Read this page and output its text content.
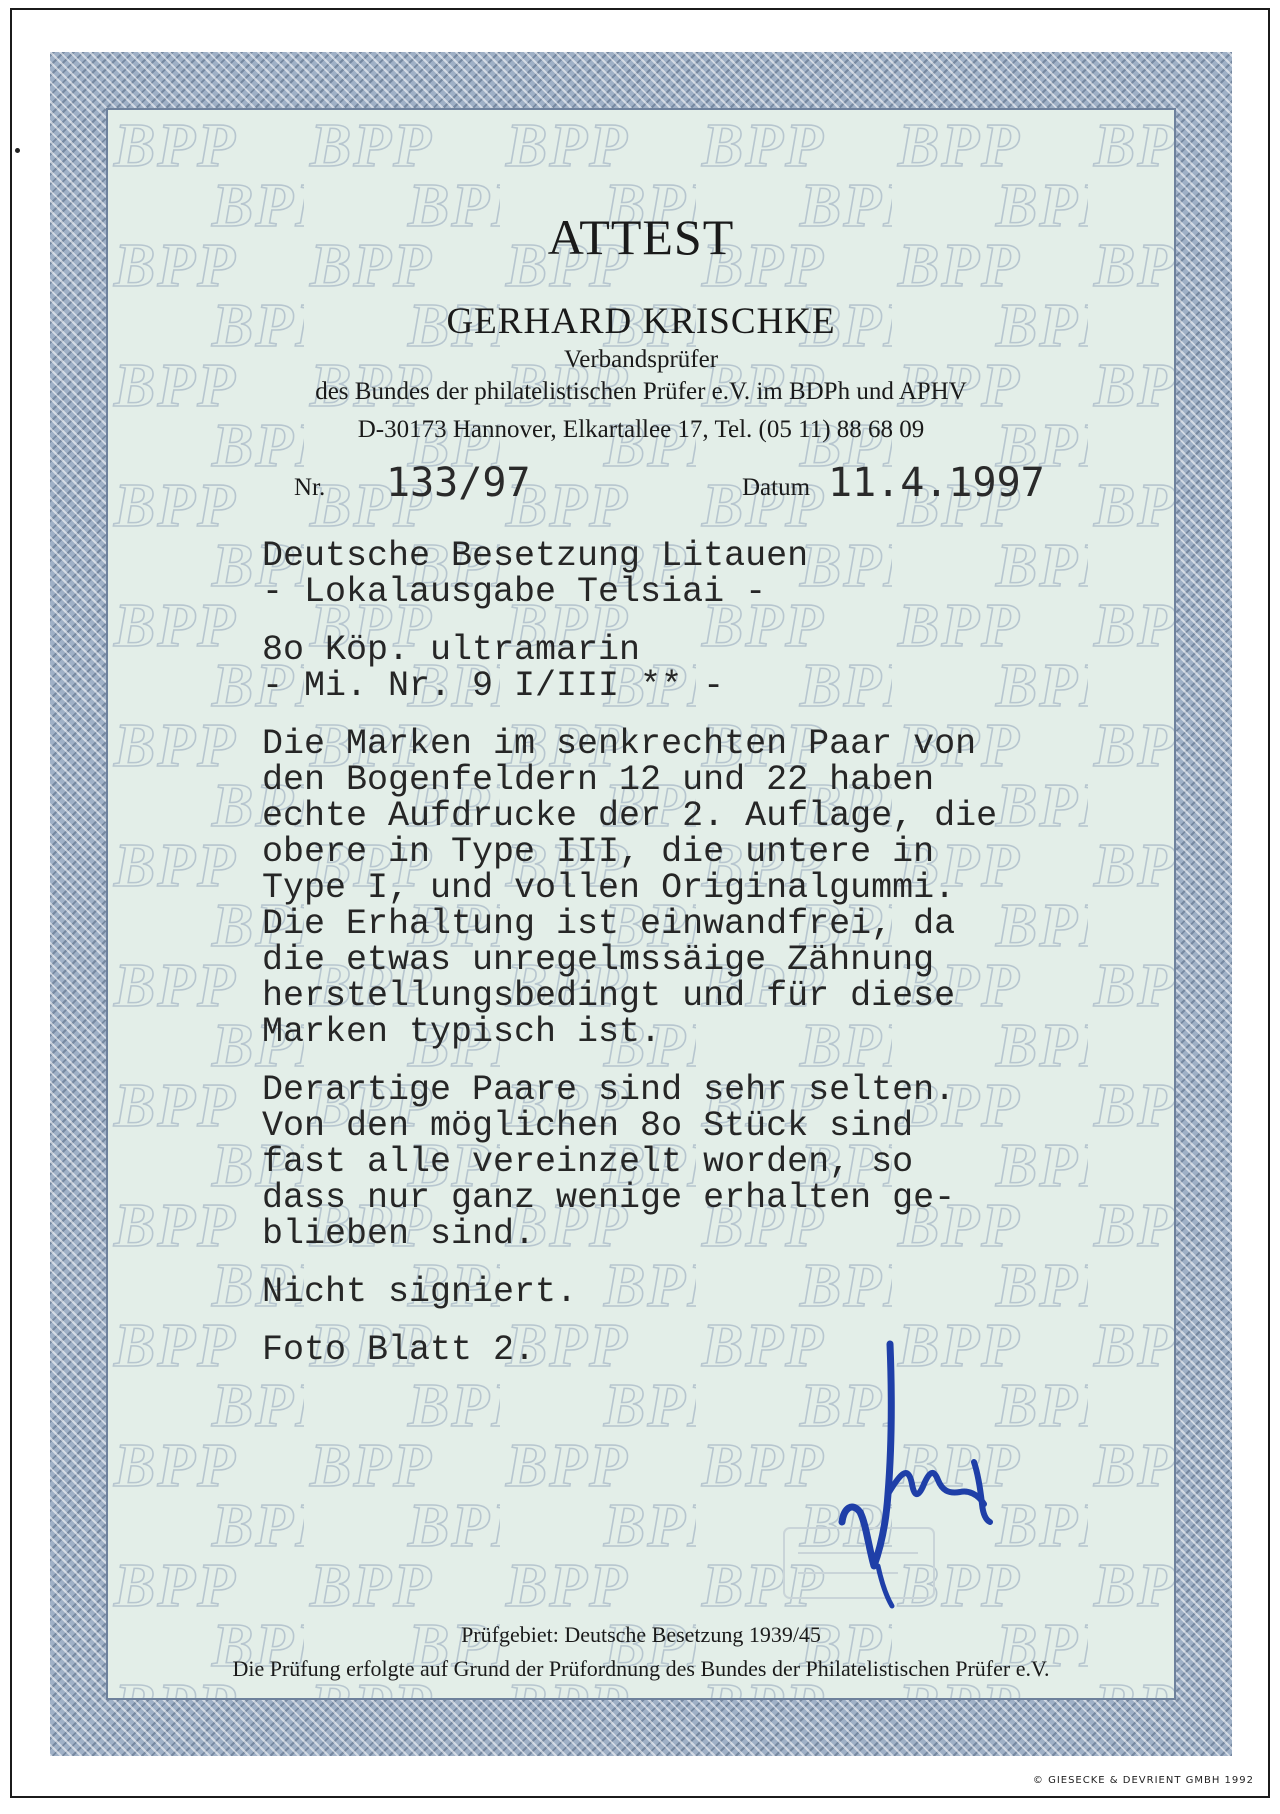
ATTEST
GERHARD KRISCHKE
Verbandsprüfer
des Bundes der philatelistischen Prüfer e.V. im BDPh und APHV
D-30173 Hannover, Elkartallee 17, Tel. (05 11) 88 68 09
Nr. 133/97	Datum 11.4.1997
Deutsche Besetzung Litauen
- Lokalausgabe Telsiai -
8o Köp. ultramarin
- Mi. Nr. 9 I/III ** -
Die Marken im senkrechten Paar von
den Bogenfeldern 12 und 22 haben
echte Aufdrucke der 2. Auflage, die
obere in Type III, die untere in
Type I, und vollen Originalgummi.
Die Erhaltung ist einwandfrei, da
die etwas unregelmssäige Zähnung
herstellungsbedingt und für diese
Marken typisch ist.
Derartige Paare sind sehr selten.
Von den möglichen 8o Stück sind
fast alle vereinzelt worden, so
dass nur ganz wenige erhalten ge-
blieben sind.
Nicht signiert.
Foto Blatt 2.
Prüfgebiet: Deutsche Besetzung 1939/45
Die Prüfung erfolgte auf Grund der Prüfordnung des Bundes der Philatelistischen Prüfer e.V.
© GIESECKE & DEVRIENT GMBH 1992
